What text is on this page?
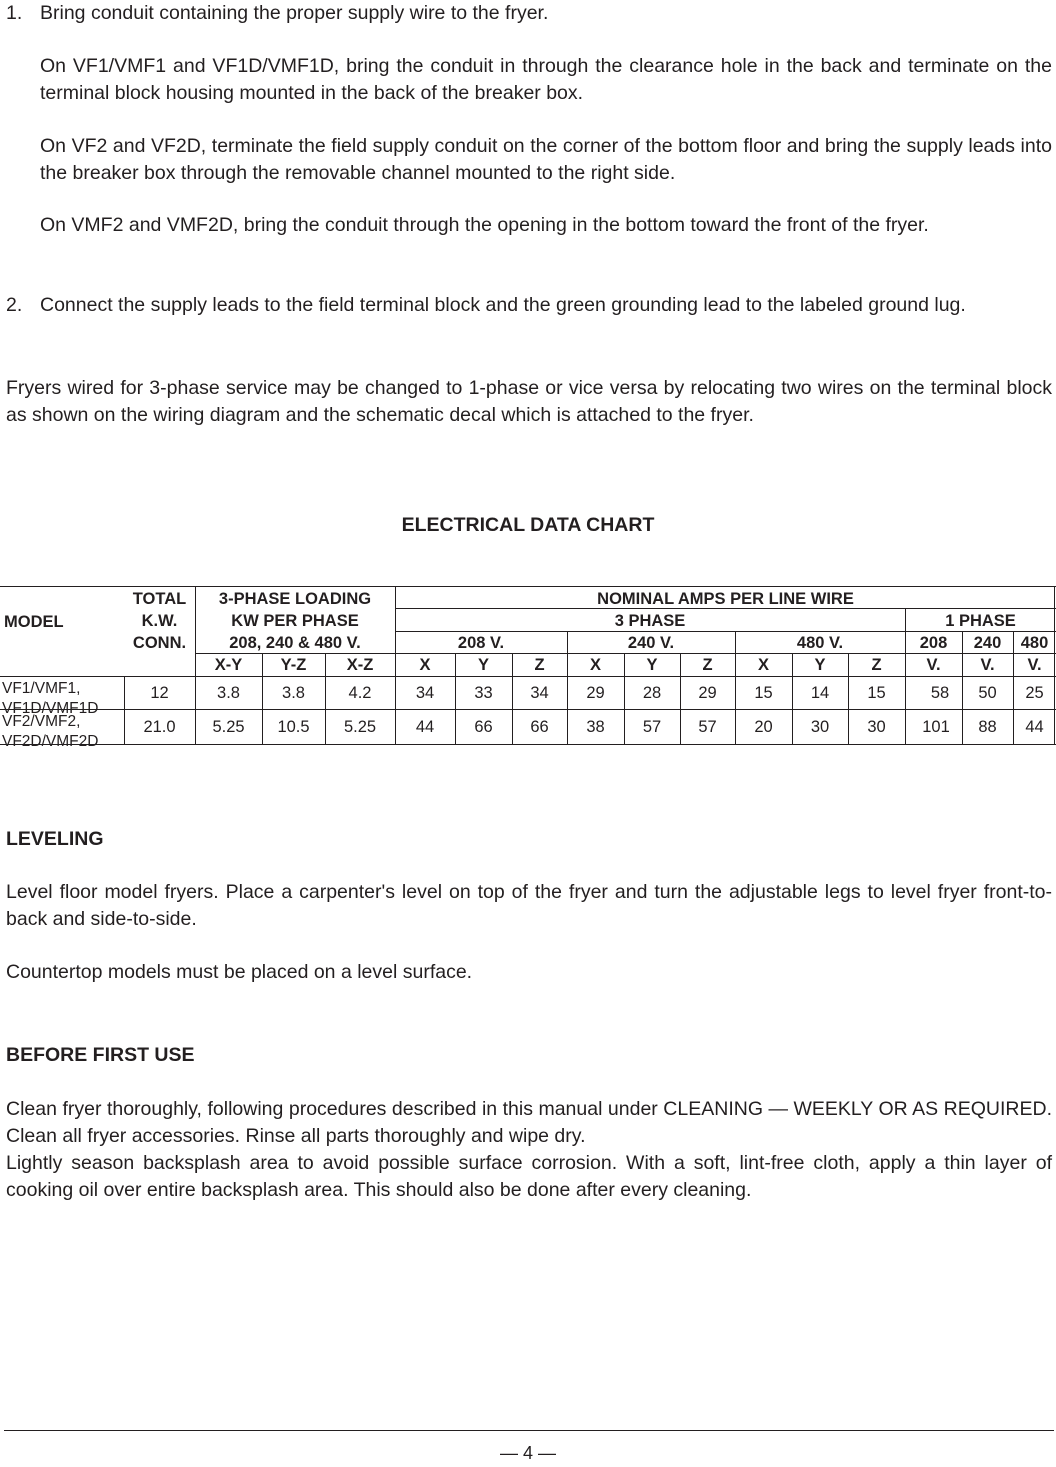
1. Bring conduit containing the proper supply wire to the fryer.

On VF1/VMF1 and VF1D/VMF1D, bring the conduit in through the clearance hole in the back and terminate on the terminal block housing mounted in the back of the breaker box.

On VF2 and VF2D, terminate the field supply conduit on the corner of the bottom floor and bring the supply leads into the breaker box through the removable channel mounted to the right side.

On VMF2 and VMF2D, bring the conduit through the opening in the bottom toward the front of the fryer.

2. Connect the supply leads to the field terminal block and the green grounding lead to the labeled ground lug.

Fryers wired for 3-phase service may be changed to 1-phase or vice versa by relocating two wires on the terminal block as shown on the wiring diagram and the schematic decal which is attached to the fryer.

ELECTRICAL DATA CHART
MODEL
TOTAL
K.W.
CONN.
3-PHASE LOADING
KW PER PHASE
208, 240 & 480 V.
NOMINAL AMPS PER LINE WIRE
3 PHASE	1 PHASE
208 V.	240 V.	480 V.	208	240	480
X-Y	Y-Z	X-Z	X	Y	Z	X	Y	Z	X	Y	Z	V.	V.	V.
VF1/VMF1,
VF1D/VMF1D
12	3.8	3.8	4.2	34	33	34	29	28	29	15	14	15	58	50	25
VF2/VMF2,
VF2D/VMF2D
21.0	5.25	10.5	5.25	44	66	66	38	57	57	20	30	30	101	88	44
LEVELING

Level floor model fryers. Place a carpenter's level on top of the fryer and turn the adjustable legs to level fryer front-to-back and side-to-side.

Countertop models must be placed on a level surface.

BEFORE FIRST USE

Clean fryer thoroughly, following procedures described in this manual under CLEANING — WEEKLY OR AS REQUIRED. Clean all fryer accessories. Rinse all parts thoroughly and wipe dry.

Lightly season backsplash area to avoid possible surface corrosion. With a soft, lint-free cloth, apply a thin layer of cooking oil over entire backsplash area. This should also be done after every cleaning.

— 4 —
